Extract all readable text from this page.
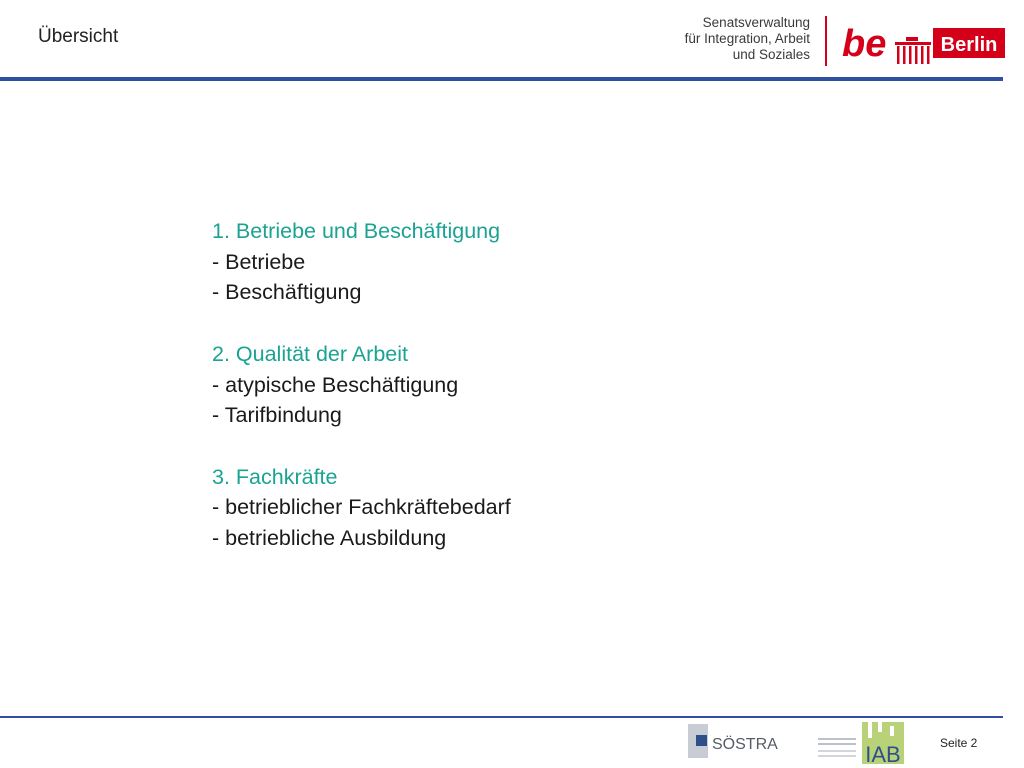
Übersicht
Senatsverwaltung
für Integration, Arbeit
und Soziales be	Berlin
1. Betriebe und Beschäftigung
- Betriebe
- Beschäftigung
2. Qualität der Arbeit
- atypische Beschäftigung
- Tarifbindung
3. Fachkräfte
- betrieblicher Fachkräftebedarf
- betriebliche Ausbildung
SÖSTRA	IAB	Seite 2
